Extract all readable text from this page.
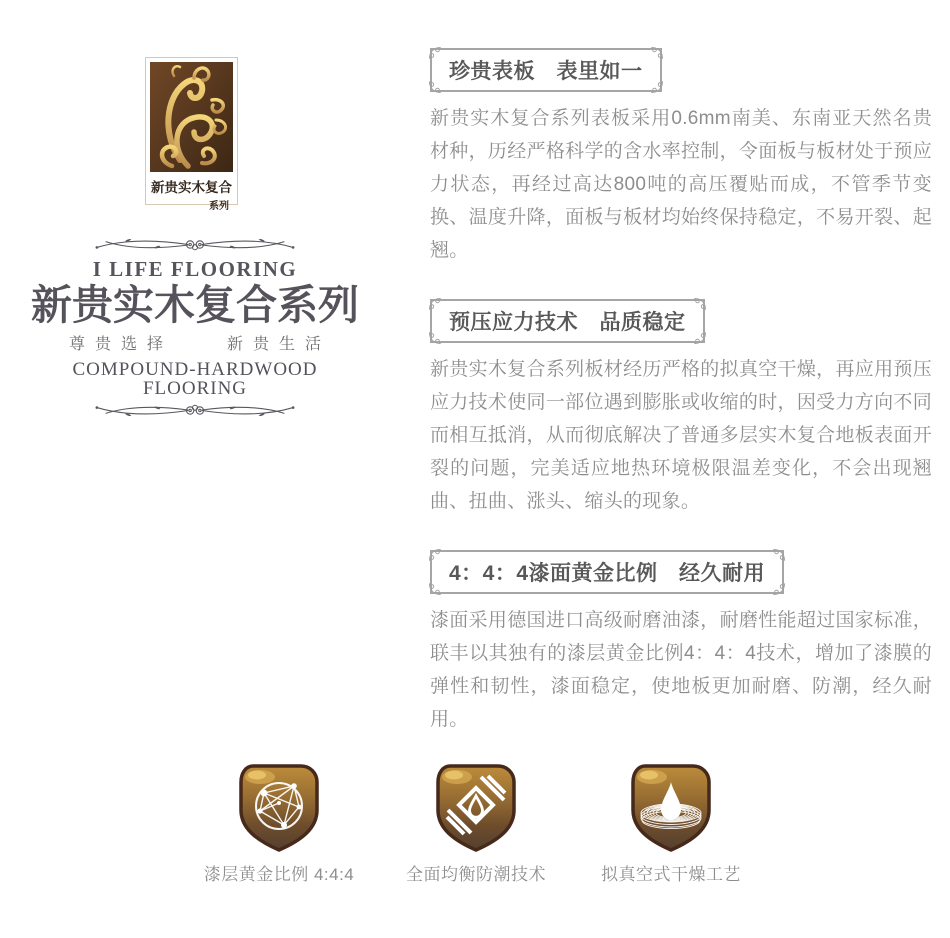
新贵实木复合
系列
I LIFE FLOORING
新贵实木复合系列
尊贵选择	新贵生活
COMPOUND-HARDWOOD
FLOORING
珍贵表板　表里如一

新贵实木复合系列表板采用0.6mm南美、东南亚天然名贵材种，历经严格科学的含水率控制，令面板与板材处于预应力状态，再经过高达800吨的高压覆贴而成，不管季节变换、温度升降，面板与板材均始终保持稳定，不易开裂、起翘。

预压应力技术　品质稳定

新贵实木复合系列板材经历严格的拟真空干燥，再应用预压应力技术使同一部位遇到膨胀或收缩的时，因受力方向不同而相互抵消，从而彻底解决了普通多层实木复合地板表面开裂的问题，完美适应地热环境极限温差变化，不会出现翘曲、扭曲、涨头、缩头的现象。

4：4：4漆面黄金比例　经久耐用

漆面采用德国进口高级耐磨油漆，耐磨性能超过国家标准，联丰以其独有的漆层黄金比例4：4：4技术，增加了漆膜的弹性和韧性，漆面稳定，使地板更加耐磨、防潮，经久耐用。

漆层黄金比例 4:4:4	全面均衡防潮技术	拟真空式干燥工艺
